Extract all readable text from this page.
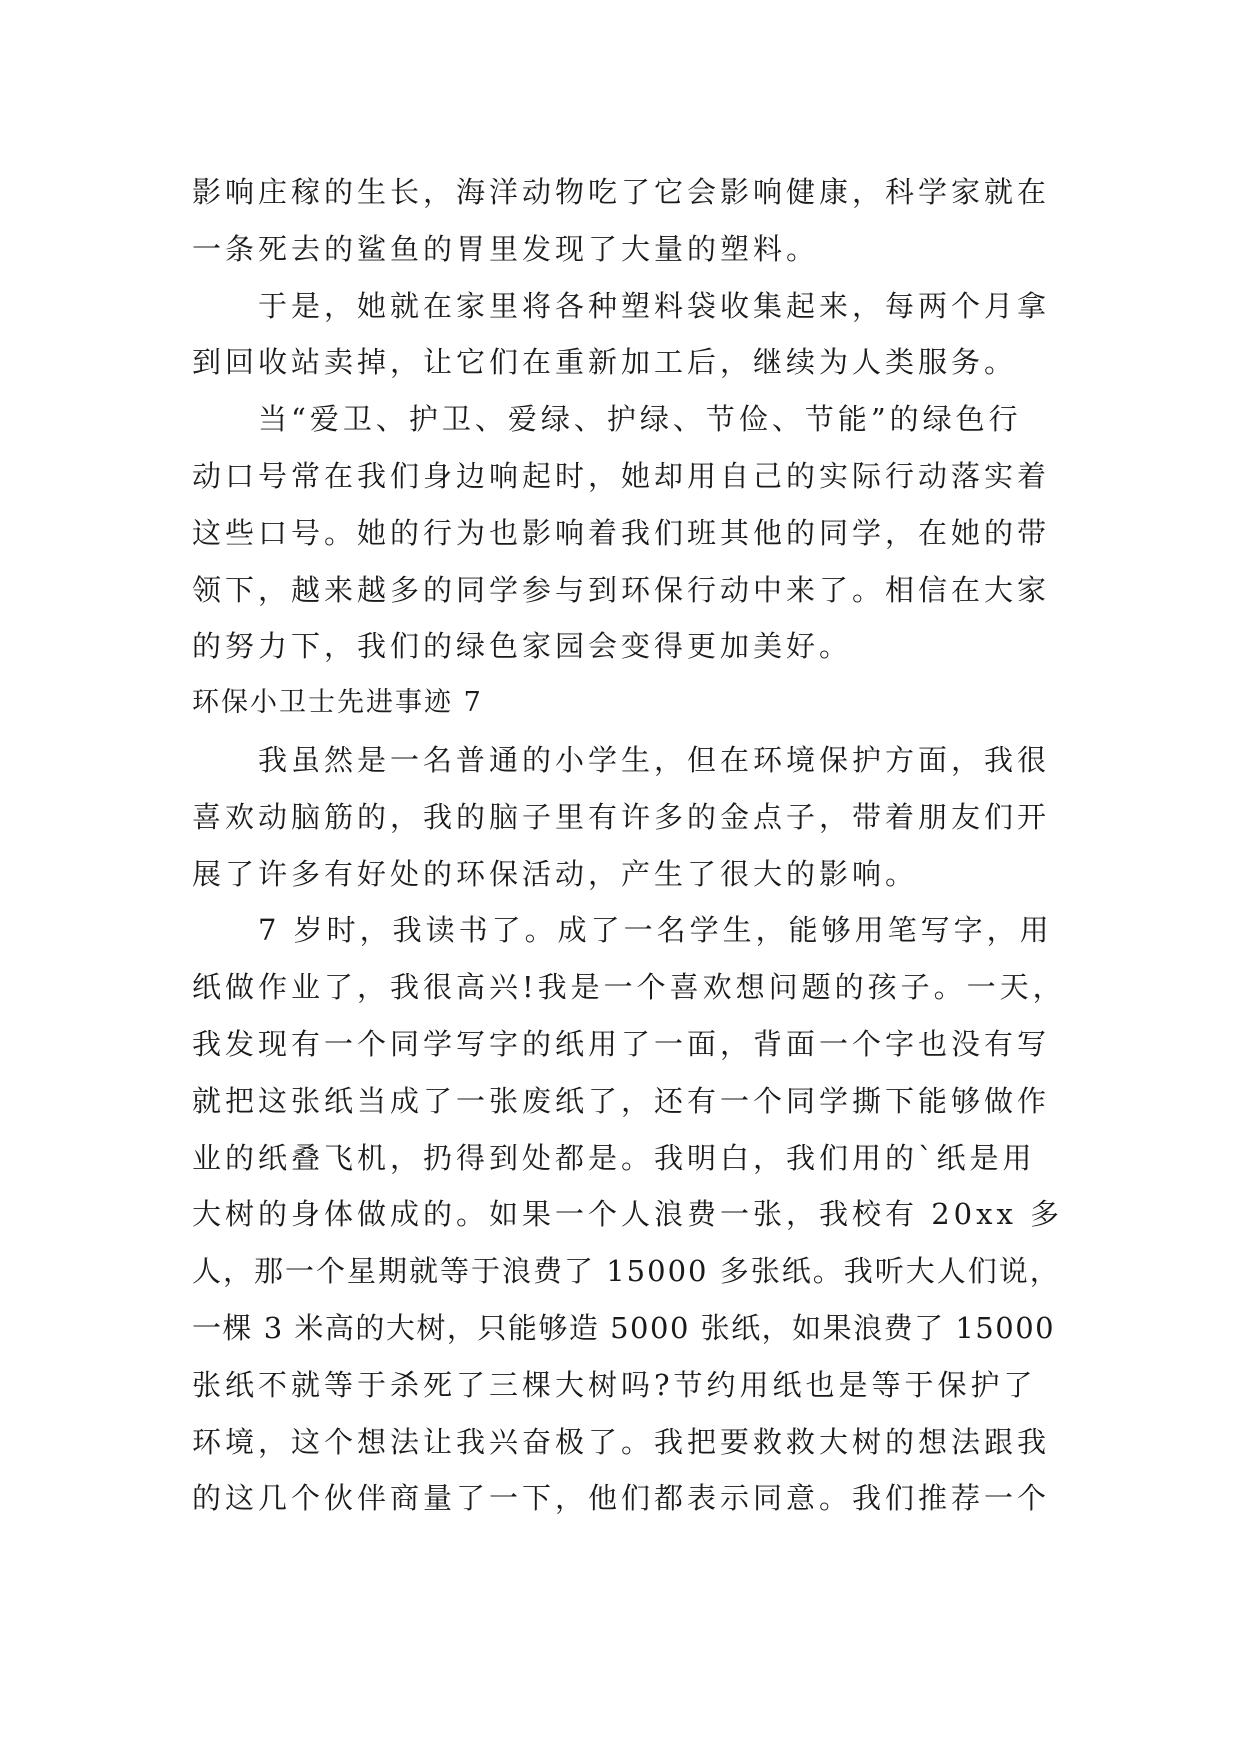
影响庄稼的生长，海洋动物吃了它会影响健康，科学家就在
一条死去的鲨鱼的胃里发现了大量的塑料。
于是，她就在家里将各种塑料袋收集起来，每两个月拿
到回收站卖掉，让它们在重新加工后，继续为人类服务。
当“爱卫、护卫、爱绿、护绿、节俭、节能”的绿色行
动口号常在我们身边响起时，她却用自己的实际行动落实着
这些口号。她的行为也影响着我们班其他的同学，在她的带
领下，越来越多的同学参与到环保行动中来了。相信在大家
的努力下，我们的绿色家园会变得更加美好。
环保小卫士先进事迹 7
我虽然是一名普通的小学生，但在环境保护方面，我很
喜欢动脑筋的，我的脑子里有许多的金点子，带着朋友们开
展了许多有好处的环保活动，产生了很大的影响。
7 岁时，我读书了。成了一名学生，能够用笔写字，用
纸做作业了，我很高兴!我是一个喜欢想问题的孩子。一天，
我发现有一个同学写字的纸用了一面，背面一个字也没有写
就把这张纸当成了一张废纸了，还有一个同学撕下能够做作
业的纸叠飞机，扔得到处都是。我明白，我们用的`纸是用
大树的身体做成的。如果一个人浪费一张，我校有 20xx 多
人，那一个星期就等于浪费了 15000 多张纸。我听大人们说，
一棵 3 米高的大树，只能够造 5000 张纸，如果浪费了 15000
张纸不就等于杀死了三棵大树吗?节约用纸也是等于保护了
环境，这个想法让我兴奋极了。我把要救救大树的想法跟我
的这几个伙伴商量了一下，他们都表示同意。我们推荐一个
